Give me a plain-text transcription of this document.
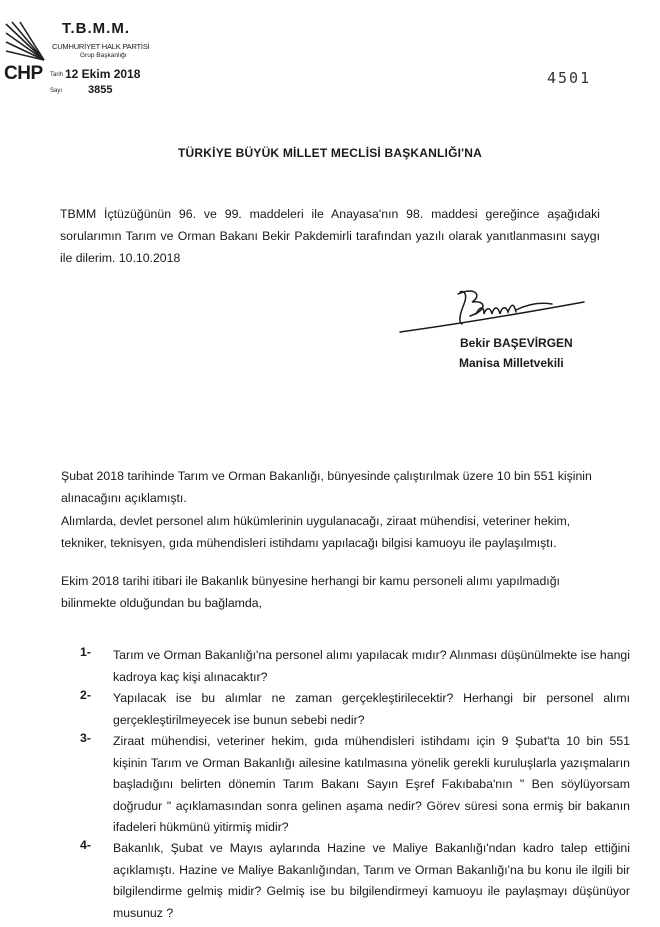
CHP
T.B.M.M.
CUMHURİYET HALK PARTİSİ
Grup Başkanlığı
Tarih 12 Ekim 2018
Sayı 3855
4501
TÜRKİYE BÜYÜK MİLLET MECLİSİ BAŞKANLIĞI'NA
TBMM İçtüzüğünün 96. ve 99. maddeleri ile Anayasa'nın 98. maddesi gereğince aşağıdaki sorularımın Tarım ve Orman Bakanı Bekir Pakdemirli tarafından yazılı olarak yanıtlanmasını saygı ile dilerim. 10.10.2018
Bekir BAŞEVİRGEN
Manisa Milletvekili
Şubat 2018 tarihinde Tarım ve Orman Bakanlığı, bünyesinde çalıştırılmak üzere 10 bin 551 kişinin alınacağını açıklamıştı.
Alımlarda, devlet personel alım hükümlerinin uygulanacağı, ziraat mühendisi, veteriner hekim, tekniker, teknisyen, gıda mühendisleri istihdamı yapılacağı bilgisi kamuoyu ile paylaşılmıştı.
Ekim 2018 tarihi itibari ile Bakanlık bünyesine herhangi bir kamu personeli alımı yapılmadığı bilinmekte olduğundan bu bağlamda,
1- Tarım ve Orman Bakanlığı'na personel alımı yapılacak mıdır? Alınması düşünülmekte ise hangi kadroya kaç kişi alınacaktır?
2- Yapılacak ise bu alımlar ne zaman gerçekleştirilecektir? Herhangi bir personel alımı gerçekleştirilmeyecek ise bunun sebebi nedir?
3- Ziraat mühendisi, veteriner hekim, gıda mühendisleri istihdamı için 9 Şubat'ta 10 bin 551 kişinin Tarım ve Orman Bakanlığı ailesine katılmasına yönelik gerekli kuruluşlarla yazışmaların başladığını belirten dönemin Tarım Bakanı Sayın Eşref Fakıbaba'nın " Ben söylüyorsam doğrudur " açıklamasından sonra gelinen aşama nedir? Görev süresi sona ermiş bir bakanın ifadeleri hükmünü yitirmiş midir?
4- Bakanlık, Şubat ve Mayıs aylarında Hazine ve Maliye Bakanlığı'ndan kadro talep ettiğini açıklamıştı. Hazine ve Maliye Bakanlığından, Tarım ve Orman Bakanlığı'na bu konu ile ilgili bir bilgilendirme gelmiş midir? Gelmiş ise bu bilgilendirmeyi kamuoyu ile paylaşmayı düşünüyor musunuz ?
